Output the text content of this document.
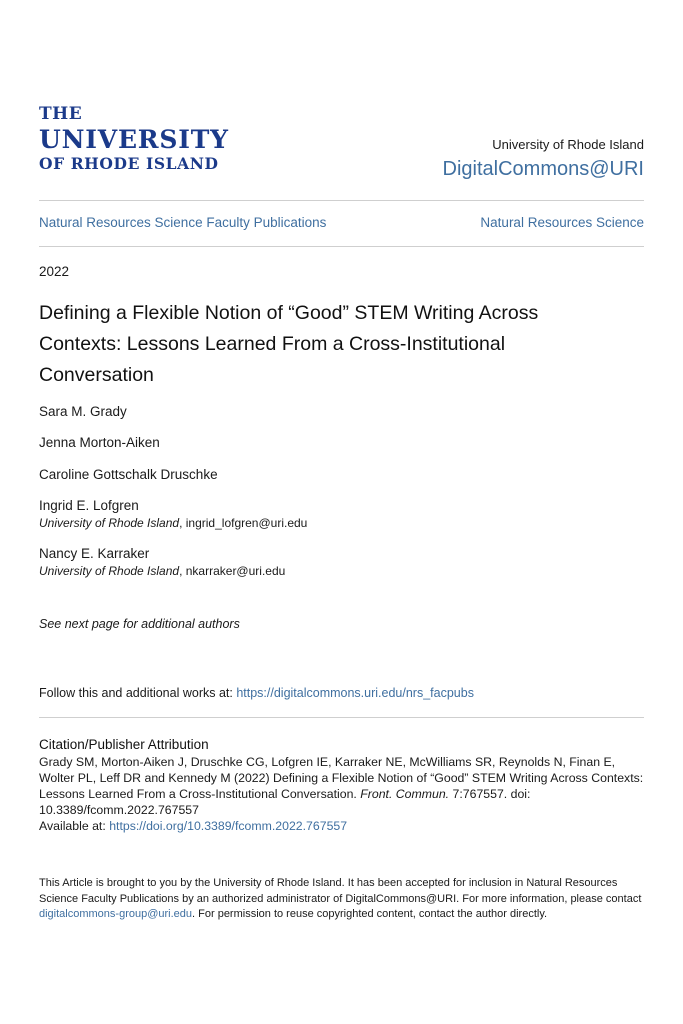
THE
UNIVERSITY
OF RHODE ISLAND
University of Rhode Island
DigitalCommons@URI
Natural Resources Science Faculty Publications	Natural Resources Science
2022
Defining a Flexible Notion of “Good” STEM Writing Across Contexts: Lessons Learned From a Cross-Institutional Conversation
Sara M. Grady
Jenna Morton-Aiken
Caroline Gottschalk Druschke
Ingrid E. Lofgren
University of Rhode Island, ingrid_lofgren@uri.edu
Nancy E. Karraker
University of Rhode Island, nkarraker@uri.edu
See next page for additional authors
Follow this and additional works at: https://digitalcommons.uri.edu/nrs_facpubs
Citation/Publisher Attribution
Grady SM, Morton-Aiken J, Druschke CG, Lofgren IE, Karraker NE, McWilliams SR, Reynolds N, Finan E, Wolter PL, Leff DR and Kennedy M (2022) Defining a Flexible Notion of “Good” STEM Writing Across Contexts: Lessons Learned From a Cross-Institutional Conversation. Front. Commun. 7:767557. doi: 10.3389/fcomm.2022.767557
Available at: https://doi.org/10.3389/fcomm.2022.767557
This Article is brought to you by the University of Rhode Island. It has been accepted for inclusion in Natural Resources Science Faculty Publications by an authorized administrator of DigitalCommons@URI. For more information, please contact digitalcommons-group@uri.edu. For permission to reuse copyrighted content, contact the author directly.
